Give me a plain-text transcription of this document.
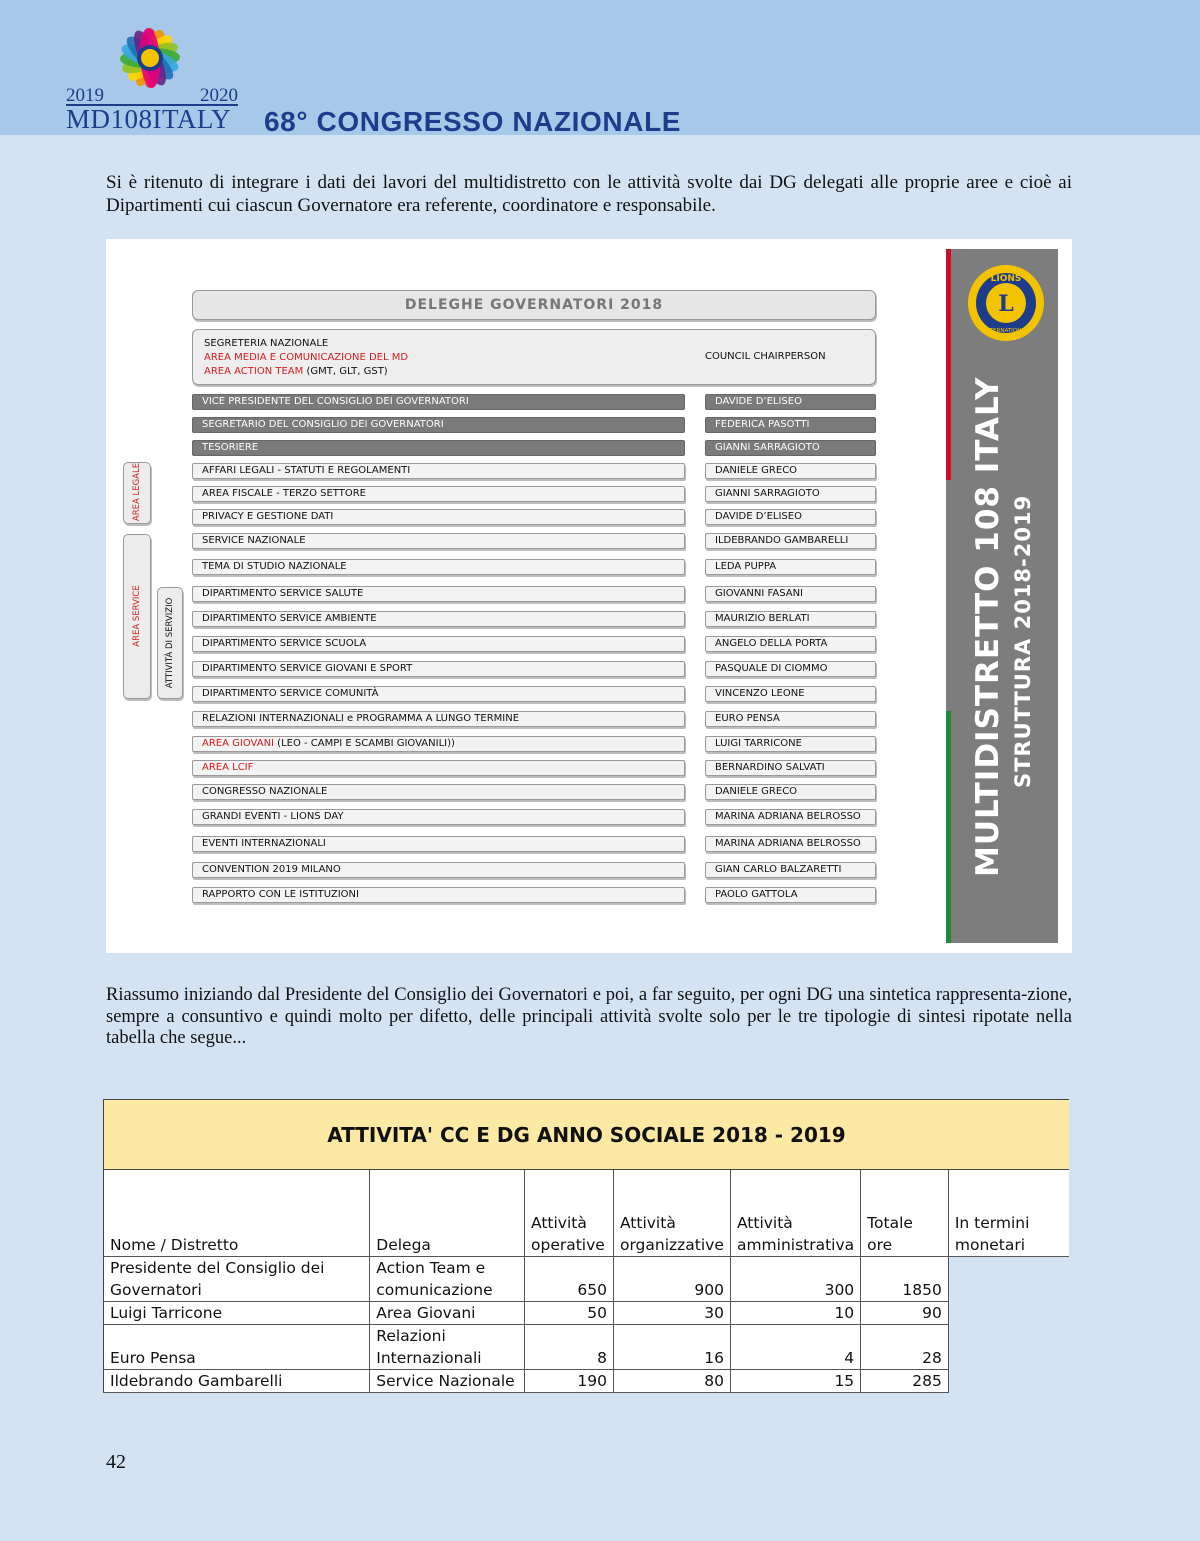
2019	2020
MD108ITALY 68° CONGRESSO NAZIONALE

Si è ritenuto di integrare i dati dei lavori del multidistretto con le attività svolte dai DG delegati alle proprie aree e cioè ai Dipartimenti cui ciascun Governatore era referente, coordinatore e responsabile.

DELEGHE GOVERNATORI 2018
SEGRETERIA NAZIONALE
AREA MEDIA E COMUNICAZIONE DEL MD
AREA ACTION TEAM (GMT, GLT, GST)
COUNCIL CHAIRPERSON
AREA LEGALE
AREA SERVICE	ATTIVITÀ DI SERVIZIO
VICE PRESIDENTE DEL CONSIGLIO DEI GOVERNATORI	DAVIDE D’ELISEO
SEGRETARIO DEL CONSIGLIO DEI GOVERNATORI	FEDERICA PASOTTI
TESORIERE	GIANNI SARRAGIOTO
AFFARI LEGALI - STATUTI E REGOLAMENTI	DANIELE GRECO
AREA FISCALE - TERZO SETTORE	GIANNI SARRAGIOTO
PRIVACY E GESTIONE DATI	DAVIDE D’ELISEO
SERVICE NAZIONALE	ILDEBRANDO GAMBARELLI
TEMA DI STUDIO NAZIONALE	LEDA PUPPA
DIPARTIMENTO SERVICE SALUTE	GIOVANNI FASANI
DIPARTIMENTO SERVICE AMBIENTE	MAURIZIO BERLATI
DIPARTIMENTO SERVICE SCUOLA	ANGELO DELLA PORTA
DIPARTIMENTO SERVICE GIOVANI E SPORT	PASQUALE DI CIOMMO
DIPARTIMENTO SERVICE COMUNITÀ	VINCENZO LEONE
RELAZIONI INTERNAZIONALI e PROGRAMMA A LUNGO TERMINE	EURO PENSA
AREA GIOVANI (LEO - CAMPI E SCAMBI GIOVANILI))	LUIGI TARRICONE
AREA LCIF	BERNARDINO SALVATI
CONGRESSO NAZIONALE	DANIELE GRECO
GRANDI EVENTI - LIONS DAY	MARINA ADRIANA BELROSSO
EVENTI INTERNAZIONALI	MARINA ADRIANA BELROSSO
CONVENTION 2019 MILANO	GIAN CARLO BALZARETTI
RAPPORTO CON LE ISTITUZIONI	PAOLO GATTOLA
L
LIONS
INTERNATIONAL
MULTIDISTRETTO 108 ITALY STRUTTURA 2018-2019

Riassumo iniziando dal Presidente del Consiglio dei Governatori e poi, a far seguito, per ogni DG una sintetica rappresenta-zione, sempre a consuntivo e quindi molto per difetto, delle principali attività svolte solo per le tre tipologie di sintesi ripotate nella tabella che segue...

ATTIVITA' CC E DG ANNO SOCIALE 2018 - 2019						
Nome / Distretto	Delega	Attività operative	Attività organizzative	Attività amministrativa	Totale ore	In termini monetari
Presidente del Consiglio dei Governatori	Action Team e comunicazione	650	900	300	1850	
Luigi Tarricone	Area Giovani	50	30	10	90	
Euro Pensa	Relazioni Internazionali	8	16	4	28	
Ildebrando Gambarelli	Service Nazionale	190	80	15	285	

42
